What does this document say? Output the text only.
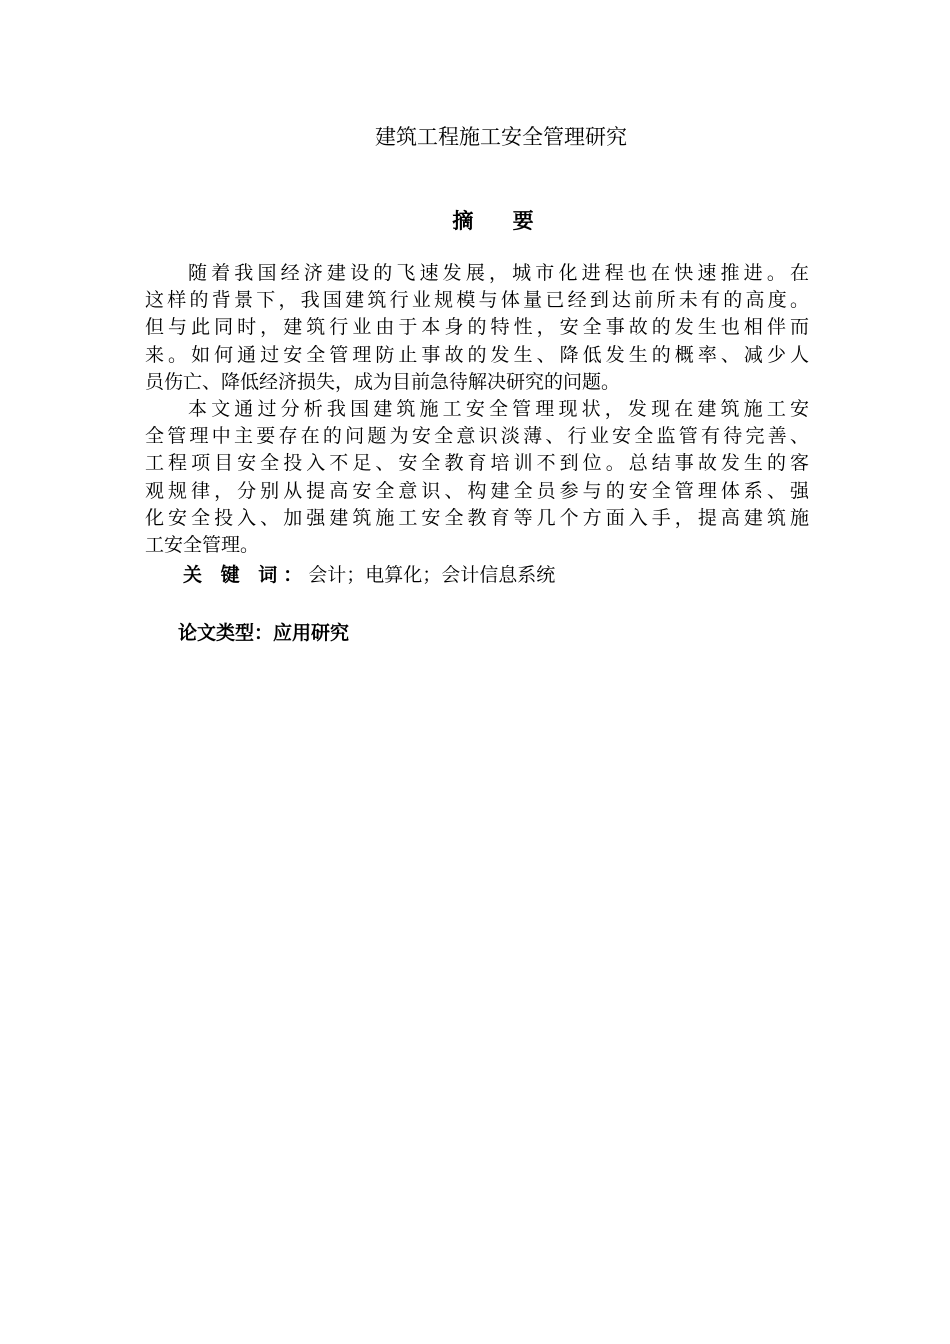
建筑工程施工安全管理研究
摘 要
随着我国经济建设的飞速发展，城市化进程也在快速推进。在
这样的背景下，我国建筑行业规模与体量已经到达前所未有的高度。
但与此同时，建筑行业由于本身的特性，安全事故的发生也相伴而
来。如何通过安全管理防止事故的发生、降低发生的概率、减少人
员伤亡、降低经济损失，成为目前急待解决研究的问题。
本文通过分析我国建筑施工安全管理现状，发现在建筑施工安
全管理中主要存在的问题为安全意识淡薄、行业安全监管有待完善、
工程项目安全投入不足、安全教育培训不到位。总结事故发生的客
观规律，分别从提高安全意识、构建全员参与的安全管理体系、强
化安全投入、加强建筑施工安全教育等几个方面入手，提高建筑施
工安全管理。
关 键 词：会计；电算化；会计信息系统
论文类型：应用研究
